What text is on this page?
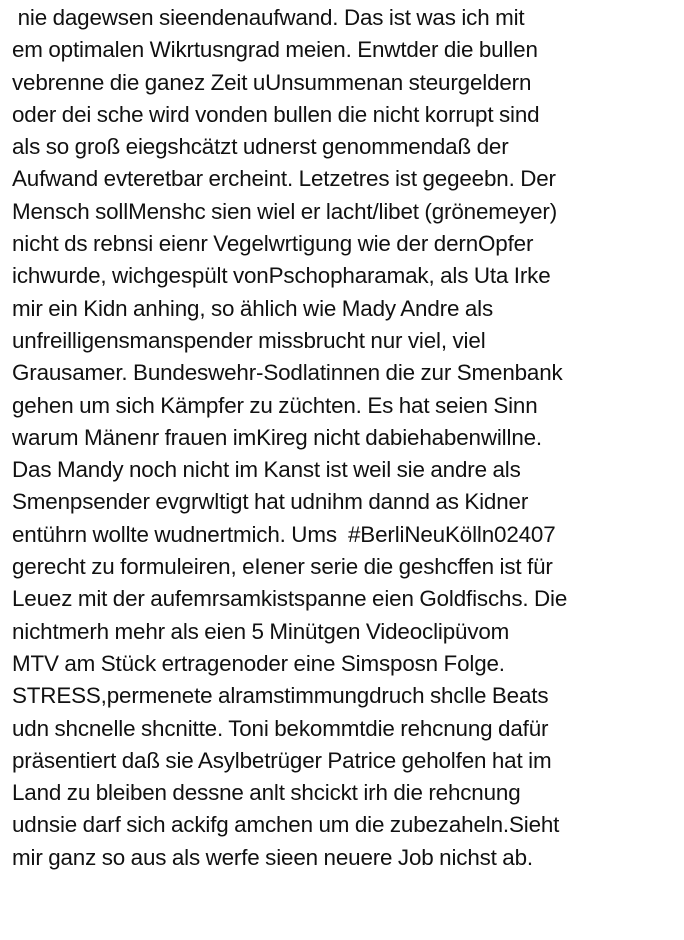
nie dagewsen sieendenaufwand. Das ist was ich mit
em optimalen Wikrtusngrad meien. Enwtder die bullen
vebrenne die ganez Zeit uUnsummenan steurgeldern
oder dei sche wird vonden bullen die nicht korrupt sind
als so groß eiegshcätzt udnerst genommendaß der
Aufwand evteretbar ercheint. Letzetres ist gegeebn. Der
Mensch sollMenshc sien wiel er lacht/libet (grönemeyer)
nicht ds rebnsi eienr Vegelwrtigung wie der dernOpfer
ichwurde, wichgespült vonPschopharamak, als Uta Irke
mir ein Kidn anhing, so ählich wie Mady Andre als
unfreilligensmanspender missbrucht nur viel, viel
Grausamer. Bundeswehr-Sodlatinnen die zur Smenbank
gehen um sich Kämpfer zu züchten. Es hat seien Sinn
warum Mänenr frauen imKireg nicht dabiehabenwillne.
Das Mandy noch nicht im Kanst ist weil sie andre als
Smenpsender evgrwltigt hat udnihm dannd as Kidner
entührn wollte wudnertmich. Ums  #BerliNeuKölln02407
gerecht zu formuleiren, eIener serie die geshcffen ist für
Leuez mit der aufemrsamkistspanne eien Goldfischs. Die
nichtmerh mehr als eien 5 Minütgen Videoclipüvom
MTV am Stück ertragenoder eine Simsposn Folge.
STRESS,permenete alramstimmungdruch shclle Beats
udn shcnelle shcnitte. Toni bekommtdie rehcnung dafür
präsentiert daß sie Asylbetrüger Patrice geholfen hat im
Land zu bleiben dessne anlt shcickt irh die rehcnung
udnsie darf sich ackifg amchen um die zubezaheln.Sieht
mir ganz so aus als werfe sieen neuere Job nichst ab.
